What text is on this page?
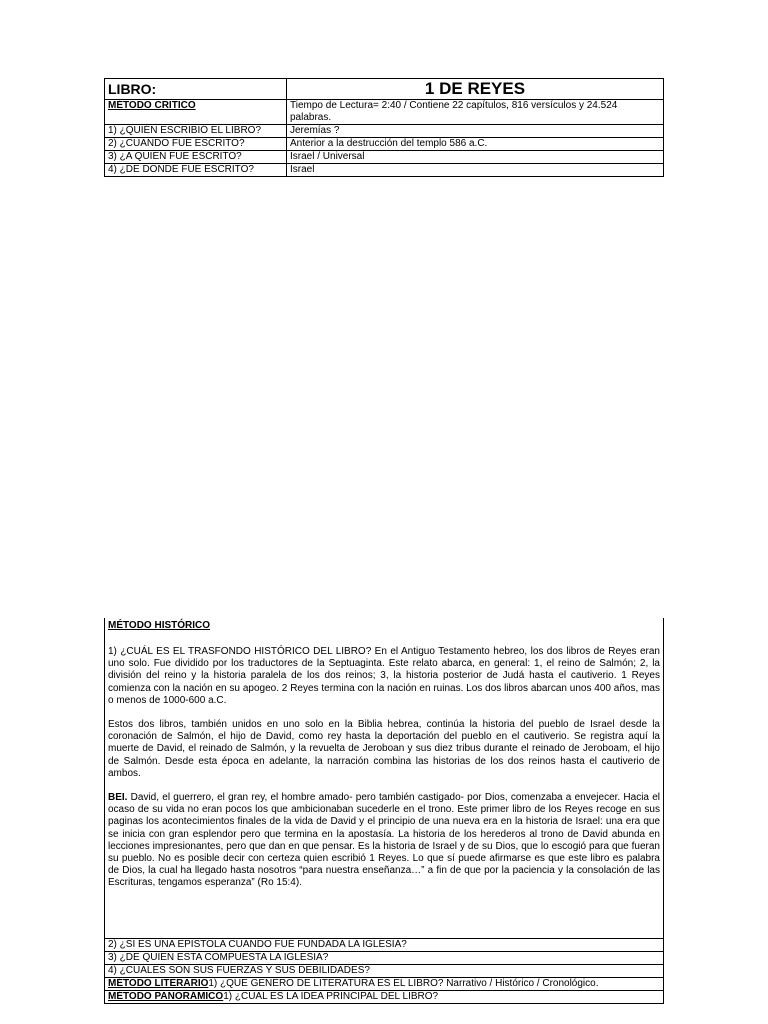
LIBRO:	1 DE REYES
MÉTODO CRITICO	Tiempo de Lectura= 2:40 / Contiene 22 capítulos, 816 versículos y 24.524 palabras.
1) ¿QUIÉN ESCRIBIÓ EL LIBRO?	Jeremías ?
2) ¿CUANDO FUE ESCRITO?	Anterior a la destrucción del templo 586 a.C.
3) ¿A QUIEN FUE ESCRITO?	Israel / Universal
4) ¿DE DONDE FUE ESCRITO?	Israel
MÉTODO HISTÓRICO

1) ¿CUÁL ES EL TRASFONDO HISTÓRICO DEL LIBRO? En el Antiguo Testamento hebreo, los dos libros de Reyes eran uno solo. Fue dividido por los traductores de la Septuaginta. Este relato abarca, en general: 1, el reino de Salmón; 2, la división del reino y la historia paralela de los dos reinos; 3, la historia posterior de Judá hasta el cautiverio. 1 Reyes comienza con la nación en su apogeo. 2 Reyes termina con la nación en ruinas. Los dos libros abarcan unos 400 años, mas o menos de 1000-600 a.C.

Estos dos libros, también unidos en uno solo en la Biblia hebrea, continúa la historia del pueblo de Israel desde la coronación de Salmón, el hijo de David, como rey hasta la deportación del pueblo en el cautiverio. Se registra aquí la muerte de David, el reinado de Salmón, y la revuelta de Jeroboan y sus diez tribus durante el reinado de Jeroboam, el hijo de Salmón. Desde esta época en adelante, la narración combina las historias de los dos reinos hasta el cautiverio de ambos.

BEI. David, el guerrero, el gran rey, el hombre amado- pero también castigado- por Dios, comenzaba a envejecer. Hacia el ocaso de su vida no eran pocos los que ambicionaban sucederle en el trono. Este primer libro de los Reyes recoge en sus paginas los acontecimientos finales de la vida de David y el principio de una nueva era en la historia de Israel: una era que se inicia con gran esplendor pero que termina en la apostasía. La historia de los herederos al trono de David abunda en lecciones impresionantes, pero que dan en que pensar. Es la historia de Israel y de su Dios, que lo escogió para que fueran su pueblo. No es posible decir con certeza quien escribió 1 Reyes. Lo que sí puede afirmarse es que este libro es palabra de Dios, la cual ha llegado hasta nosotros “para nuestra enseñanza…” a fin de que por la paciencia y la consolación de las Escrituras, tengamos esperanza” (Ro 15:4).

2) ¿SI ES UNA EPISTOLA CUANDO FUE FUNDADA LA IGLESIA?
3) ¿DE QUIEN ESTA COMPUESTA LA IGLESIA?
4) ¿CUALES SON SUS FUERZAS Y SUS DEBILIDADES?
MÉTODO LITERARIO1) ¿QUE GENERO DE LITERATURA ES EL LIBRO? Narrativo / Histórico / Cronológico.
MÉTODO PANORÁMICO1) ¿CUAL ES LA IDEA PRINCIPAL DEL LIBRO?
